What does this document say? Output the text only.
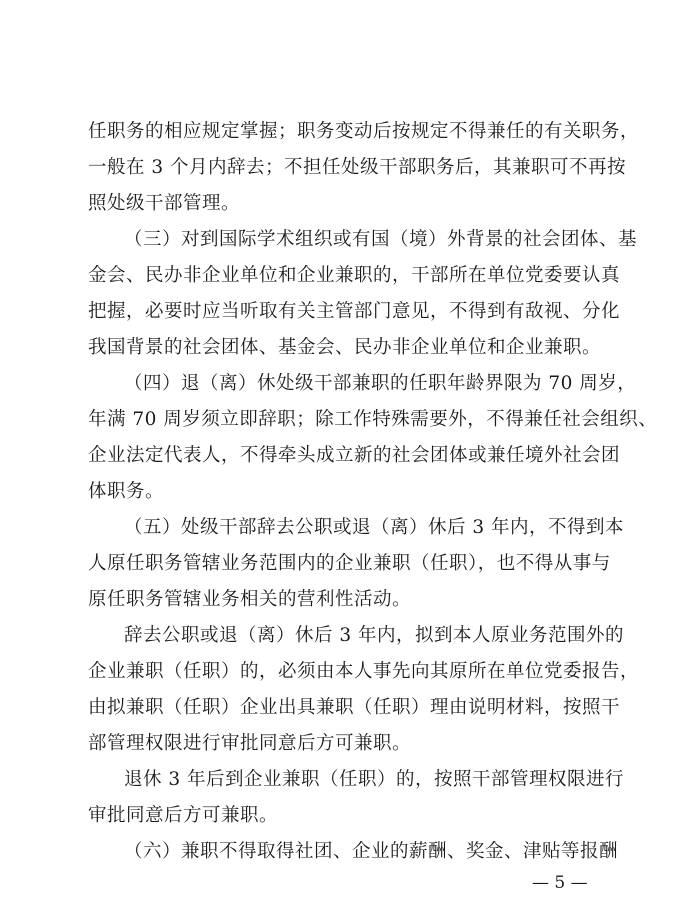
任职务的相应规定掌握；职务变动后按规定不得兼任的有关职务，
一般在 3 个月内辞去；不担任处级干部职务后，其兼职可不再按
照处级干部管理。
（三）对到国际学术组织或有国（境）外背景的社会团体、基
金会、民办非企业单位和企业兼职的，干部所在单位党委要认真
把握，必要时应当听取有关主管部门意见，不得到有敌视、分化
我国背景的社会团体、基金会、民办非企业单位和企业兼职。
（四）退（离）休处级干部兼职的任职年龄界限为 70 周岁，
年满 70 周岁须立即辞职；除工作特殊需要外，不得兼任社会组织、
企业法定代表人，不得牵头成立新的社会团体或兼任境外社会团
体职务。
（五）处级干部辞去公职或退（离）休后 3 年内，不得到本
人原任职务管辖业务范围内的企业兼职（任职），也不得从事与
原任职务管辖业务相关的营利性活动。
辞去公职或退（离）休后 3 年内，拟到本人原业务范围外的
企业兼职（任职）的，必须由本人事先向其原所在单位党委报告，
由拟兼职（任职）企业出具兼职（任职）理由说明材料，按照干
部管理权限进行审批同意后方可兼职。
退休 3 年后到企业兼职（任职）的，按照干部管理权限进行
审批同意后方可兼职。
（六）兼职不得取得社团、企业的薪酬、奖金、津贴等报酬
— 5 —
